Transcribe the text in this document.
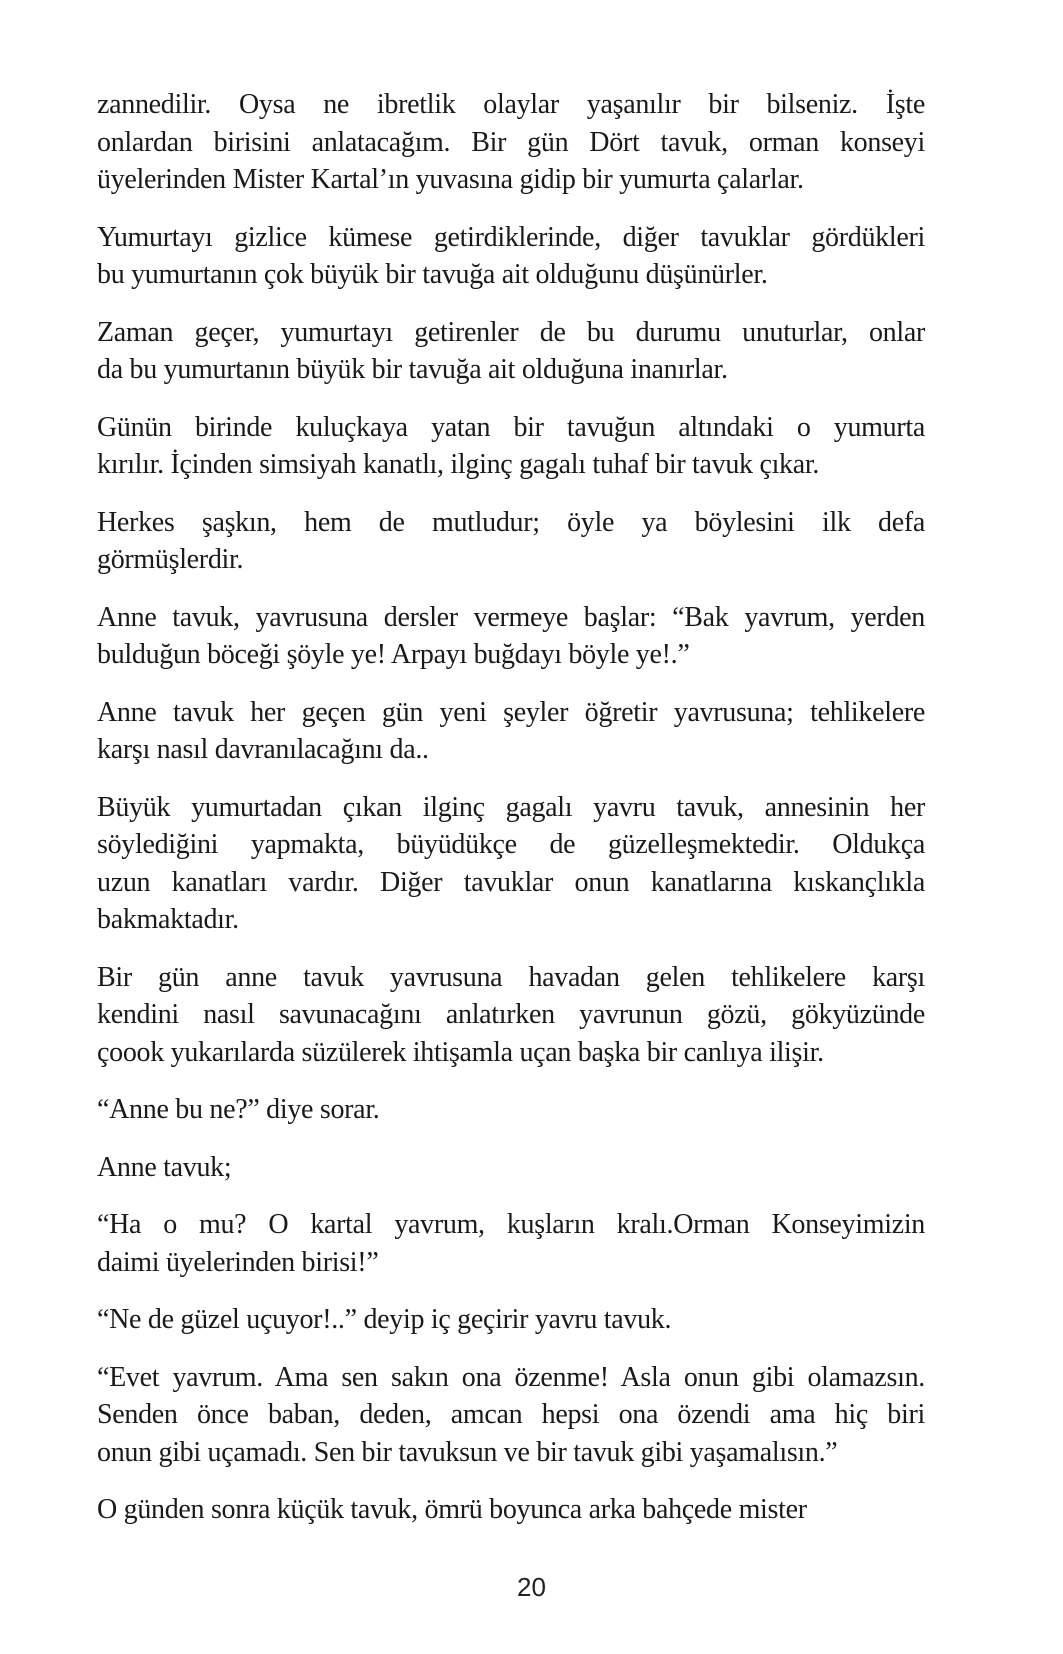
zannedilir. Oysa ne ibretlik olaylar yaşanılır bir bilseniz. İşte
onlardan birisini anlatacağım. Bir gün Dört tavuk, orman konseyi
üyelerinden Mister Kartal’ın yuvasına gidip bir yumurta çalarlar.
Yumurtayı gizlice kümese getirdiklerinde, diğer tavuklar gördükleri
bu yumurtanın çok büyük bir tavuğa ait olduğunu düşünürler.
Zaman geçer, yumurtayı getirenler de bu durumu unuturlar, onlar
da bu yumurtanın büyük bir tavuğa ait olduğuna inanırlar.
Günün birinde kuluçkaya yatan bir tavuğun altındaki o yumurta
kırılır. İçinden simsiyah kanatlı, ilginç gagalı tuhaf bir tavuk çıkar.
Herkes şaşkın, hem de mutludur; öyle ya böylesini ilk defa
görmüşlerdir.
Anne tavuk, yavrusuna dersler vermeye başlar: “Bak yavrum, yerden
bulduğun böceği şöyle ye! Arpayı buğdayı böyle ye!.”
Anne tavuk her geçen gün yeni şeyler öğretir yavrusuna; tehlikelere
karşı nasıl davranılacağını da..
Büyük yumurtadan çıkan ilginç gagalı yavru tavuk, annesinin her
söylediğini yapmakta, büyüdükçe de güzelleşmektedir. Oldukça
uzun kanatları vardır. Diğer tavuklar onun kanatlarına kıskançlıkla
bakmaktadır.
Bir gün anne tavuk yavrusuna havadan gelen tehlikelere karşı
kendini nasıl savunacağını anlatırken yavrunun gözü, gökyüzünde
çoook yukarılarda süzülerek ihtişamla uçan başka bir canlıya ilişir.
“Anne bu ne?” diye sorar.
Anne tavuk;
“Ha o mu? O kartal yavrum, kuşların kralı.Orman Konseyimizin
daimi üyelerinden birisi!”
“Ne de güzel uçuyor!..” deyip iç geçirir yavru tavuk.
“Evet yavrum. Ama sen sakın ona özenme! Asla onun gibi olamazsın.
Senden önce baban, deden, amcan hepsi ona özendi ama hiç biri
onun gibi uçamadı. Sen bir tavuksun ve bir tavuk gibi yaşamalısın.”
O günden sonra küçük tavuk, ömrü boyunca arka bahçede mister
20
